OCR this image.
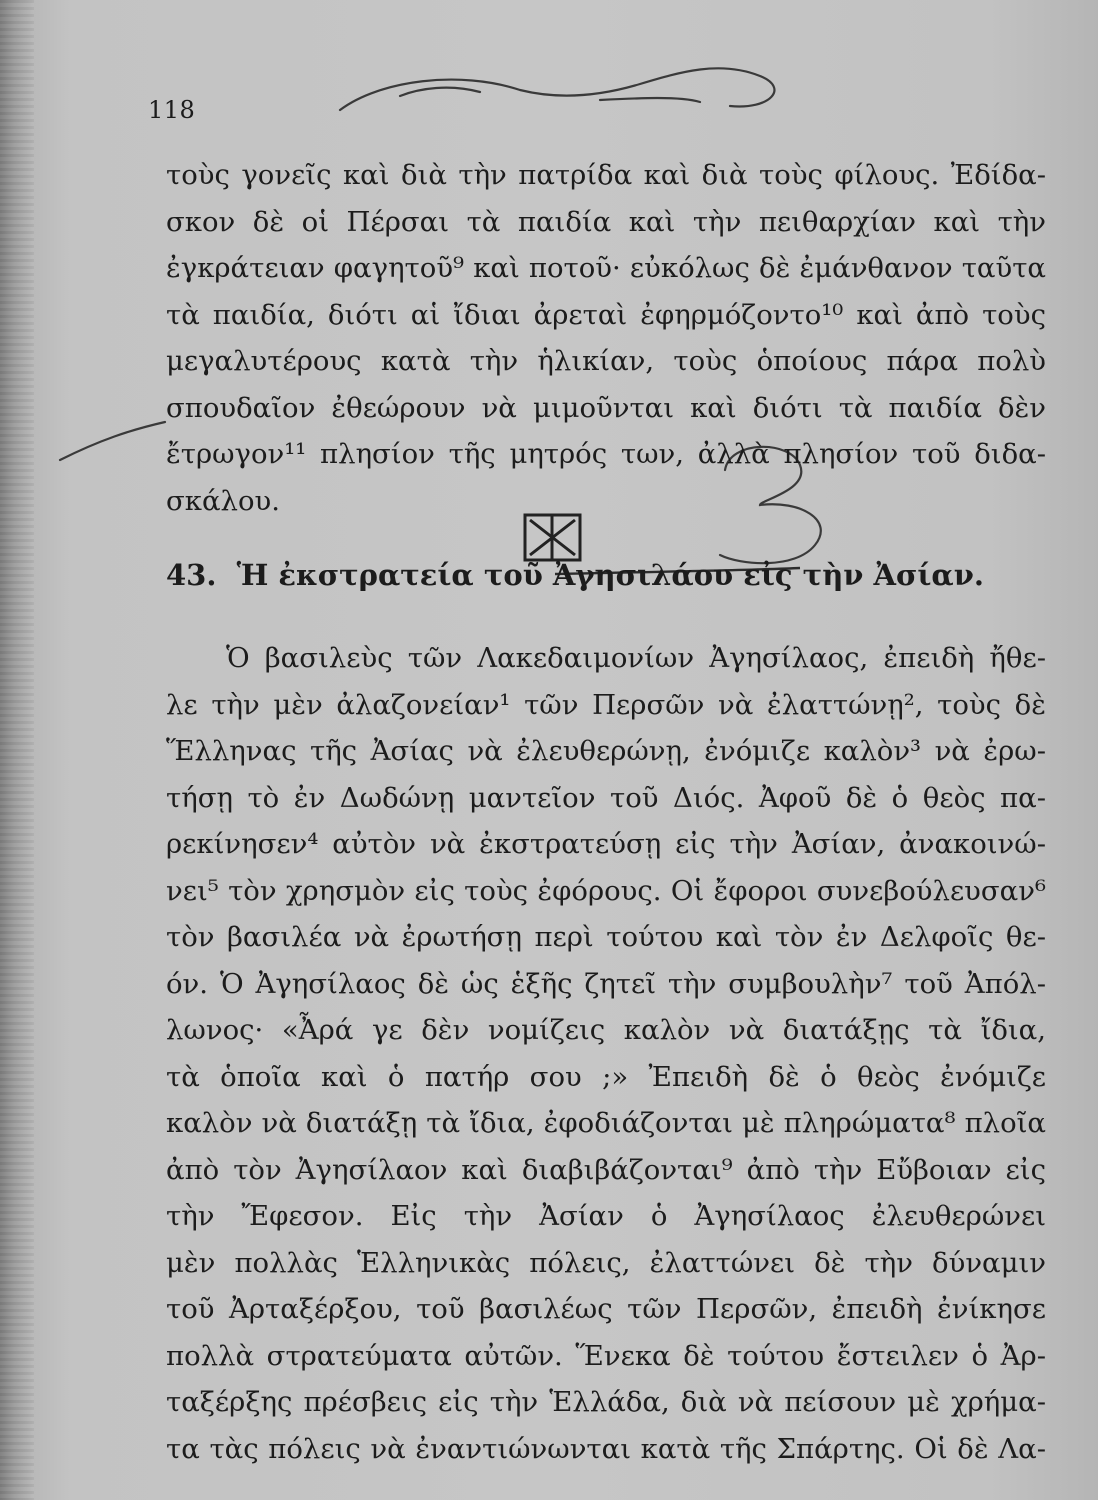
118
τοὺς γονεῖς καὶ διὰ τὴν πατρίδα καὶ διὰ τοὺς φίλους. Ἐδίδα-
σκον δὲ οἱ Πέρσαι τὰ παιδία καὶ τὴν πειθαρχίαν καὶ τὴν
ἐγκράτειαν φαγητοῦ⁹ καὶ ποτοῦ· εὐκόλως δὲ ἐμάνθανον ταῦτα
τὰ παιδία, διότι αἱ ἴδιαι ἀρεταὶ ἐφηρμόζοντο¹⁰ καὶ ἀπὸ τοὺς
μεγαλυτέρους κατὰ τὴν ἡλικίαν, τοὺς ὁποίους πάρα πολὺ
σπουδαῖον ἐθεώρουν νὰ μιμοῦνται καὶ διότι τὰ παιδία δὲν
ἔτρωγον¹¹ πλησίον τῆς μητρός των, ἀλλὰ πλησίον τοῦ διδα-
σκάλου.
43. Ἡ ἐκστρατεία τοῦ Ἀγησιλάου εἰς τὴν Ἀσίαν.
Ὁ βασιλεὺς τῶν Λακεδαιμονίων Ἀγησίλαος, ἐπειδὴ ἤθε-
λε τὴν μὲν ἀλαζονείαν¹ τῶν Περσῶν νὰ ἐλαττώνῃ², τοὺς δὲ
Ἕλληνας τῆς Ἀσίας νὰ ἐλευθερώνῃ, ἐνόμιζε καλὸν³ νὰ ἐρω-
τήσῃ τὸ ἐν Δωδώνῃ μαντεῖον τοῦ Διός. Ἀφοῦ δὲ ὁ θεὸς πα-
ρεκίνησεν⁴ αὐτὸν νὰ ἐκστρατεύσῃ εἰς τὴν Ἀσίαν, ἀνακοινώ-
νει⁵ τὸν χρησμὸν εἰς τοὺς ἐφόρους. Οἱ ἔφοροι συνεβούλευσαν⁶
τὸν βασιλέα νὰ ἐρωτήσῃ περὶ τούτου καὶ τὸν ἐν Δελφοῖς θε-
όν. Ὁ Ἀγησίλαος δὲ ὡς ἑξῆς ζητεῖ τὴν συμβουλὴν⁷ τοῦ Ἀπόλ-
λωνος· «Ἆρά γε δὲν νομίζεις καλὸν νὰ διατάξῃς τὰ ἴδια,
τὰ ὁποῖα καὶ ὁ πατήρ σου ;» Ἐπειδὴ δὲ ὁ θεὸς ἐνόμιζε
καλὸν νὰ διατάξῃ τὰ ἴδια, ἐφοδιάζονται μὲ πληρώματα⁸ πλοῖα
ἀπὸ τὸν Ἀγησίλαον καὶ διαβιβάζονται⁹ ἀπὸ τὴν Εὔβοιαν εἰς
τὴν Ἔφεσον. Εἰς τὴν Ἀσίαν ὁ Ἀγησίλαος ἐλευθερώνει
μὲν πολλὰς Ἑλληνικὰς πόλεις, ἐλαττώνει δὲ τὴν δύναμιν
τοῦ Ἀρταξέρξου, τοῦ βασιλέως τῶν Περσῶν, ἐπειδὴ ἐνίκησε
πολλὰ στρατεύματα αὐτῶν. Ἕνεκα δὲ τούτου ἔστειλεν ὁ Ἀρ-
ταξέρξης πρέσβεις εἰς τὴν Ἑλλάδα, διὰ νὰ πείσουν μὲ χρήμα-
τα τὰς πόλεις νὰ ἐναντιώνωνται κατὰ τῆς Σπάρτης. Οἱ δὲ Λα-
